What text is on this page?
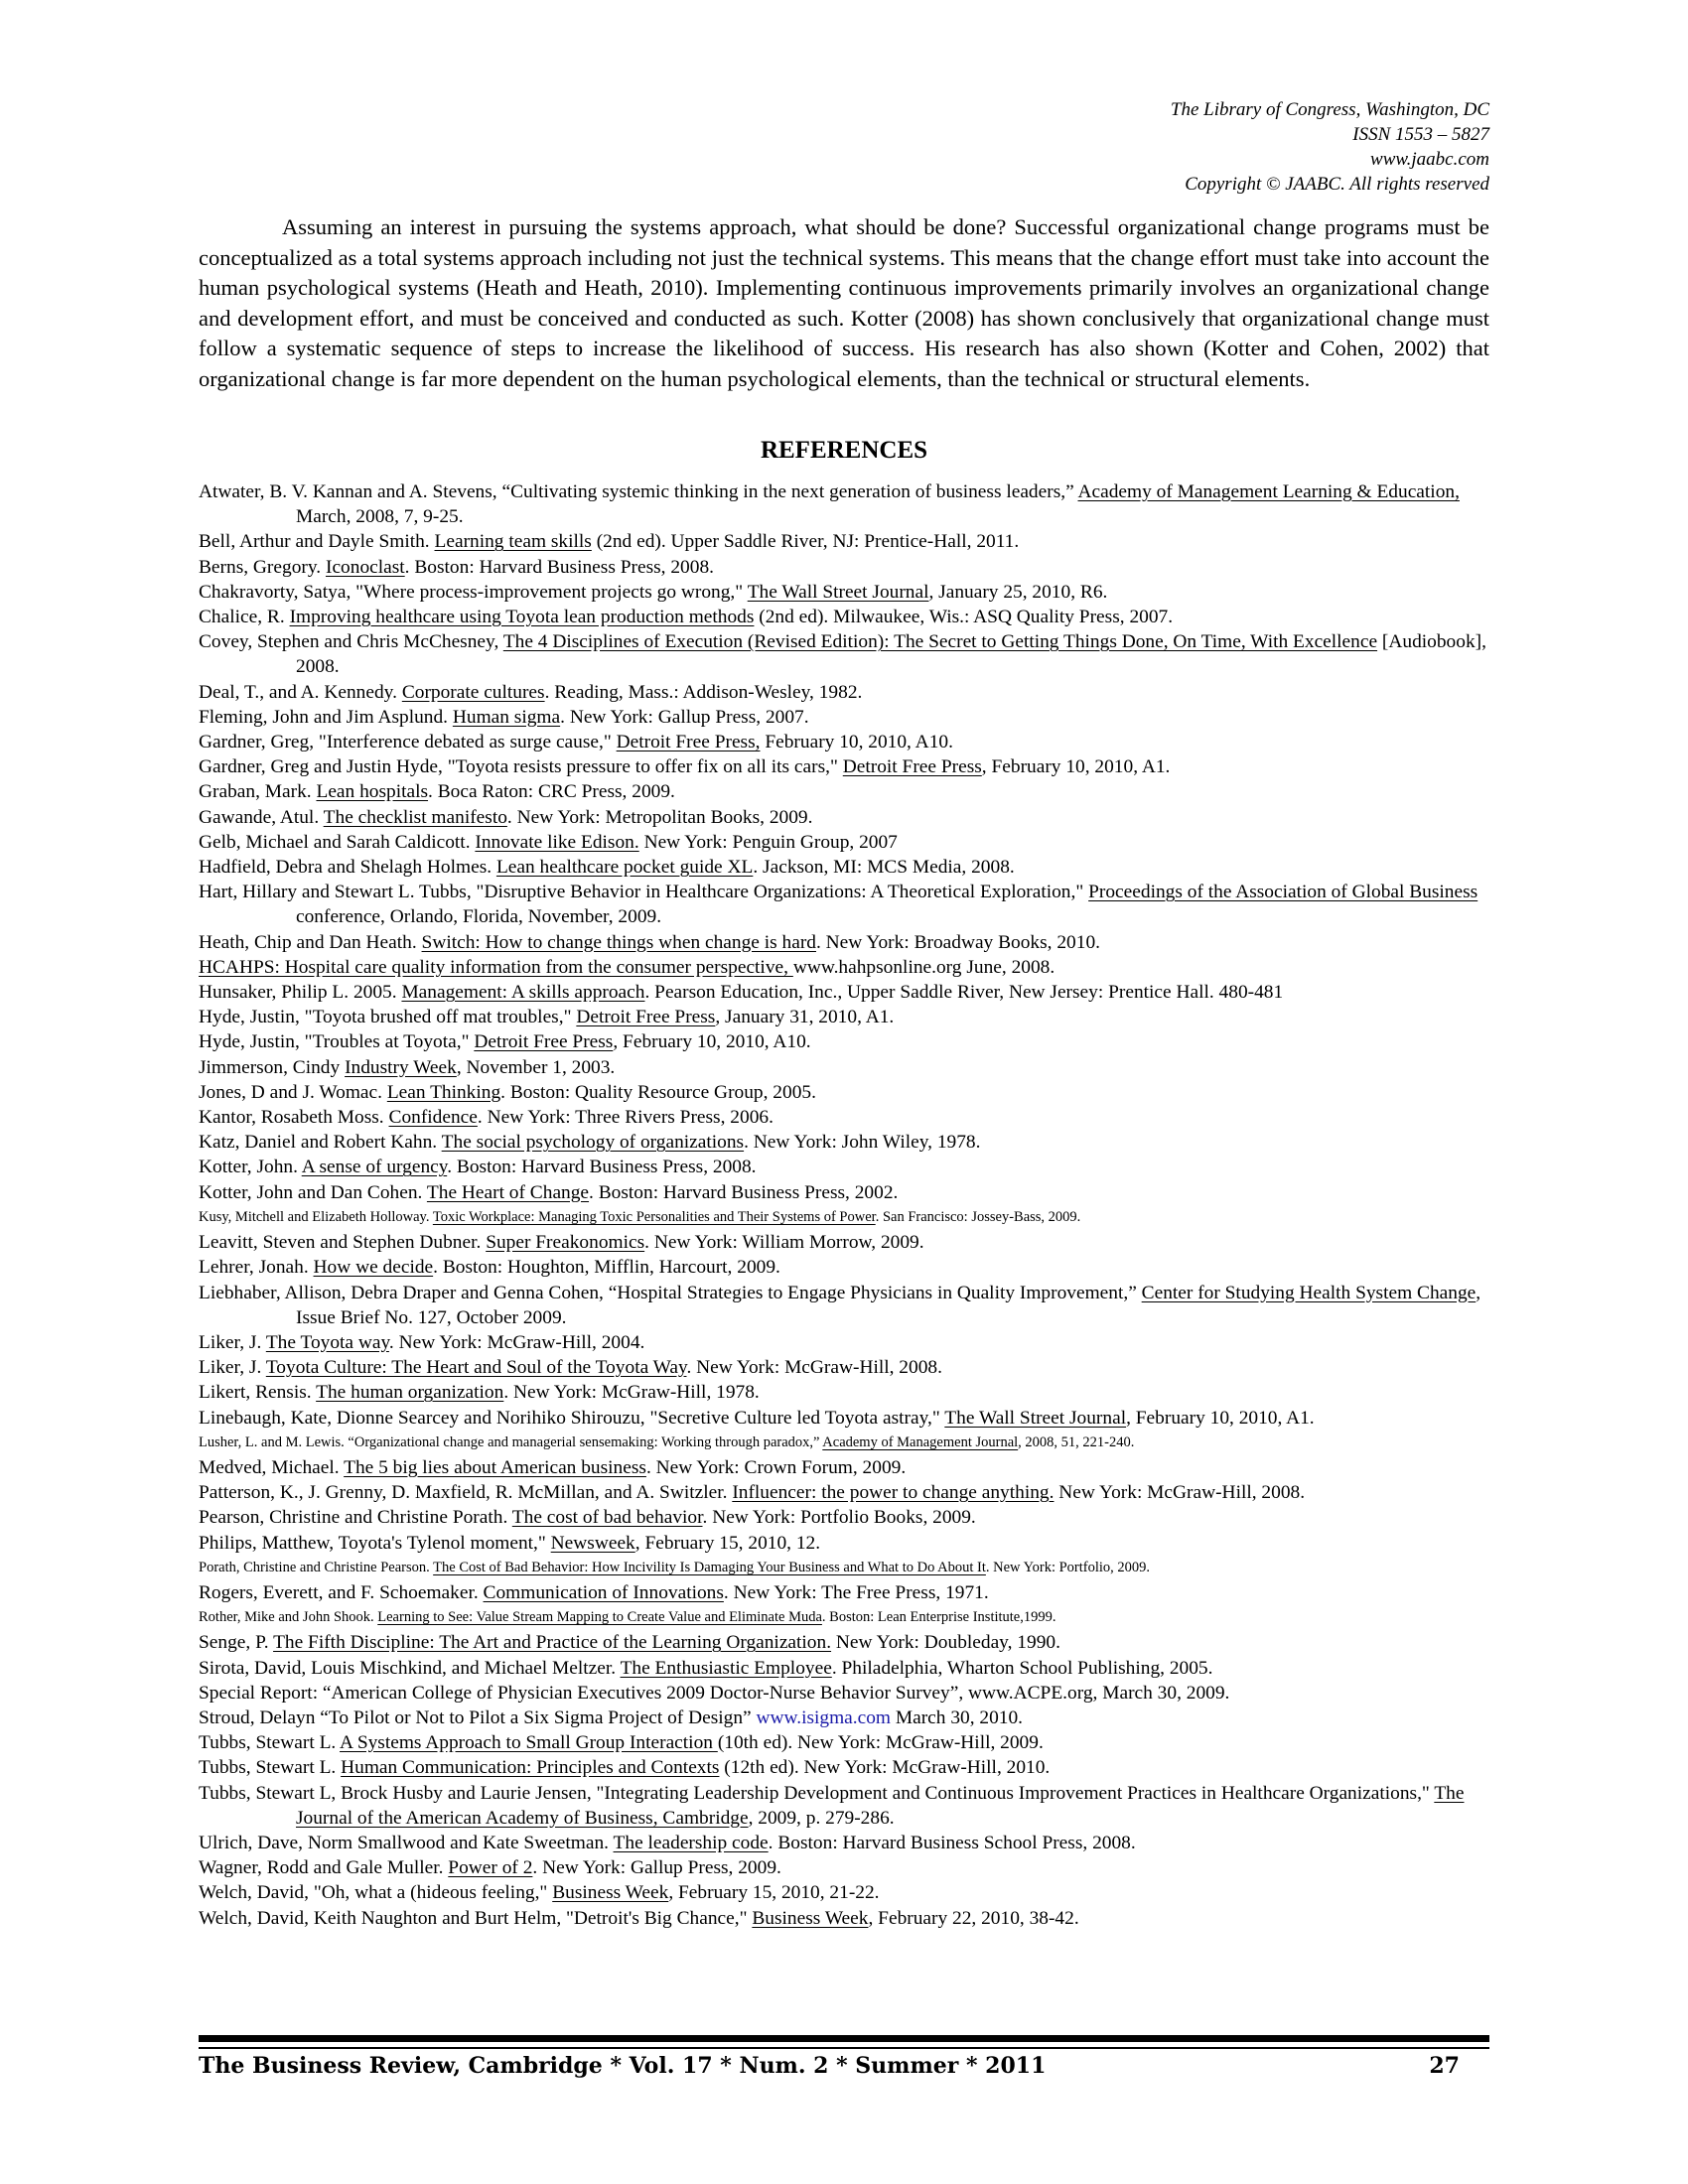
The Library of Congress, Washington, DC
ISSN 1553 – 5827
www.jaabc.com
Copyright © JAABC. All rights reserved

Assuming an interest in pursuing the systems approach, what should be done? Successful organizational change programs must be conceptualized as a total systems approach including not just the technical systems. This means that the change effort must take into account the human psychological systems (Heath and Heath, 2010). Implementing continuous improvements primarily involves an organizational change and development effort, and must be conceived and conducted as such. Kotter (2008) has shown conclusively that organizational change must follow a systematic sequence of steps to increase the likelihood of success. His research has also shown (Kotter and Cohen, 2002) that organizational change is far more dependent on the human psychological elements, than the technical or structural elements.

REFERENCES
Atwater, B. V. Kannan and A. Stevens, “Cultivating systemic thinking in the next generation of business leaders,” Academy of Management Learning & Education, March, 2008, 7, 9-25.
Bell, Arthur and Dayle Smith. Learning team skills (2nd ed). Upper Saddle River, NJ: Prentice-Hall, 2011.
Berns, Gregory. Iconoclast. Boston: Harvard Business Press, 2008.
Chakravorty, Satya, "Where process-improvement projects go wrong," The Wall Street Journal, January 25, 2010, R6.
Chalice, R. Improving healthcare using Toyota lean production methods (2nd ed). Milwaukee, Wis.: ASQ Quality Press, 2007.
Covey, Stephen and Chris McChesney, The 4 Disciplines of Execution (Revised Edition): The Secret to Getting Things Done, On Time, With Excellence [Audiobook], 2008.
Deal, T., and A. Kennedy. Corporate cultures. Reading, Mass.: Addison-Wesley, 1982.
Fleming, John and Jim Asplund. Human sigma. New York: Gallup Press, 2007.
Gardner, Greg, "Interference debated as surge cause," Detroit Free Press, February 10, 2010, A10.
Gardner, Greg and Justin Hyde, "Toyota resists pressure to offer fix on all its cars," Detroit Free Press, February 10, 2010, A1.
Graban, Mark. Lean hospitals. Boca Raton: CRC Press, 2009.
Gawande, Atul. The checklist manifesto. New York: Metropolitan Books, 2009.
Gelb, Michael and Sarah Caldicott. Innovate like Edison. New York: Penguin Group, 2007
Hadfield, Debra and Shelagh Holmes. Lean healthcare pocket guide XL. Jackson, MI: MCS Media, 2008.
Hart, Hillary and Stewart L. Tubbs, "Disruptive Behavior in Healthcare Organizations: A Theoretical Exploration," Proceedings of the Association of Global Business conference, Orlando, Florida, November, 2009.
Heath, Chip and Dan Heath. Switch: How to change things when change is hard. New York: Broadway Books, 2010.
HCAHPS: Hospital care quality information from the consumer perspective, www.hahpsonline.org June, 2008.
Hunsaker, Philip L. 2005. Management: A skills approach. Pearson Education, Inc., Upper Saddle River, New Jersey: Prentice Hall. 480-481
Hyde, Justin, "Toyota brushed off mat troubles," Detroit Free Press, January 31, 2010, A1.
Hyde, Justin, "Troubles at Toyota," Detroit Free Press, February 10, 2010, A10.
Jimmerson, Cindy Industry Week, November 1, 2003.
Jones, D and J. Womac. Lean Thinking. Boston: Quality Resource Group, 2005.
Kantor, Rosabeth Moss. Confidence. New York: Three Rivers Press, 2006.
Katz, Daniel and Robert Kahn. The social psychology of organizations. New York: John Wiley, 1978.
Kotter, John. A sense of urgency. Boston: Harvard Business Press, 2008.
Kotter, John and Dan Cohen. The Heart of Change. Boston: Harvard Business Press, 2002.
Kusy, Mitchell and Elizabeth Holloway. Toxic Workplace: Managing Toxic Personalities and Their Systems of Power. San Francisco: Jossey-Bass, 2009.
Leavitt, Steven and Stephen Dubner. Super Freakonomics. New York: William Morrow, 2009.
Lehrer, Jonah. How we decide. Boston: Houghton, Mifflin, Harcourt, 2009.
Liebhaber, Allison, Debra Draper and Genna Cohen, “Hospital Strategies to Engage Physicians in Quality Improvement,” Center for Studying Health System Change, Issue Brief No. 127, October 2009.
Liker, J. The Toyota way. New York: McGraw-Hill, 2004.
Liker, J. Toyota Culture: The Heart and Soul of the Toyota Way. New York: McGraw-Hill, 2008.
Likert, Rensis. The human organization. New York: McGraw-Hill, 1978.
Linebaugh, Kate, Dionne Searcey and Norihiko Shirouzu, "Secretive Culture led Toyota astray," The Wall Street Journal, February 10, 2010, A1.
Lusher, L. and M. Lewis. “Organizational change and managerial sensemaking: Working through paradox,” Academy of Management Journal, 2008, 51, 221-240.
Medved, Michael. The 5 big lies about American business. New York: Crown Forum, 2009.
Patterson, K., J. Grenny, D. Maxfield, R. McMillan, and A. Switzler. Influencer: the power to change anything. New York: McGraw-Hill, 2008.
Pearson, Christine and Christine Porath. The cost of bad behavior. New York: Portfolio Books, 2009.
Philips, Matthew, Toyota's Tylenol moment," Newsweek, February 15, 2010, 12.
Porath, Christine and Christine Pearson. The Cost of Bad Behavior: How Incivility Is Damaging Your Business and What to Do About It. New York: Portfolio, 2009.
Rogers, Everett, and F. Schoemaker. Communication of Innovations. New York: The Free Press, 1971.
Rother, Mike and John Shook. Learning to See: Value Stream Mapping to Create Value and Eliminate Muda. Boston: Lean Enterprise Institute,1999.
Senge, P. The Fifth Discipline: The Art and Practice of the Learning Organization. New York: Doubleday, 1990.
Sirota, David, Louis Mischkind, and Michael Meltzer. The Enthusiastic Employee. Philadelphia, Wharton School Publishing, 2005.
Special Report: “American College of Physician Executives 2009 Doctor-Nurse Behavior Survey”, www.ACPE.org, March 30, 2009.
Stroud, Delayn “To Pilot or Not to Pilot a Six Sigma Project of Design” www.isigma.com March 30, 2010.
Tubbs, Stewart L. A Systems Approach to Small Group Interaction (10th ed). New York: McGraw-Hill, 2009.
Tubbs, Stewart L. Human Communication: Principles and Contexts (12th ed). New York: McGraw-Hill, 2010.
Tubbs, Stewart L, Brock Husby and Laurie Jensen, "Integrating Leadership Development and Continuous Improvement Practices in Healthcare Organizations," The Journal of the American Academy of Business, Cambridge, 2009, p. 279-286.
Ulrich, Dave, Norm Smallwood and Kate Sweetman. The leadership code. Boston: Harvard Business School Press, 2008.
Wagner, Rodd and Gale Muller. Power of 2. New York: Gallup Press, 2009.
Welch, David, "Oh, what a (hideous feeling," Business Week, February 15, 2010, 21-22.
Welch, David, Keith Naughton and Burt Helm, "Detroit's Big Chance," Business Week, February 22, 2010, 38-42.
The Business Review, Cambridge * Vol. 17 * Num. 2 * Summer * 2011	27
